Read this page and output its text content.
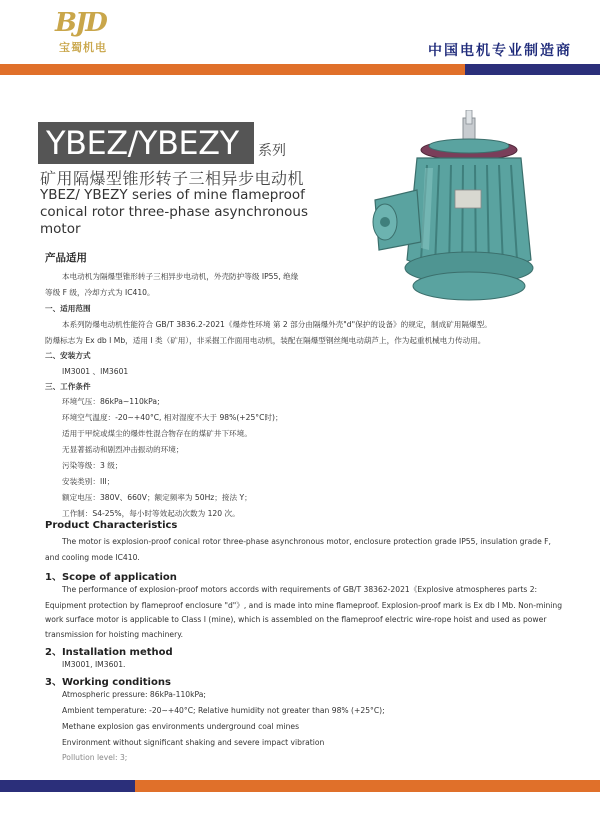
BJD
宝蜀机电	中国电机专业制造商
YBEZ/YBEZY 系列
矿用隔爆型锥形转子三相异步电动机
YBEZ/ YBEZY series of mine flameproof conical rotor three-phase asynchronous motor
产品适用
本电动机为隔爆型锥形转子三相异步电动机，外壳防护等级 IP55, 绝缘
等级 F 级，冷却方式为 IC410。
一、适用范围
本系列防爆电动机性能符合 GB/T 3836.2-2021《爆炸性环境 第 2 部分由隔爆外壳"d"保护的设备》的规定，制成矿用隔爆型。
防爆标志为 Ex db I Mb，适用 I 类（矿用），非采掘工作面用电动机，装配在隔爆型钢丝绳电动葫芦上，作为起重机械电力传动用。
二、安装方式
IM3001 、IM3601
三、工作条件
环境气压：86kPa~110kPa;
环境空气温度：-20~+40°C, 相对湿度不大于 98%(+25°C时)；
适用于甲烷或煤尘的爆炸性混合物存在的煤矿井下环境。
无显著摇动和剧烈冲击振动的环境；
污染等级：3 级；
安装类别：III；
额定电压：380V、660V；额定频率为 50Hz；接法 Y；
工作制：S4-25%，每小时等效起动次数为 120 次。
Product Characteristics
The motor is explosion-proof conical rotor three-phase asynchronous motor, enclosure protection grade IP55, insulation grade F,
and cooling mode IC410.
1、Scope of application
The performance of explosion-proof motors accords with requirements of GB/T 38362-2021《Explosive atmospheres parts 2:
Equipment protection by flameproof enclosure "d"》, and is made into mine flameproof. Explosion-proof mark is Ex db I Mb. Non-mining
work surface motor is applicable to Class I (mine), which is assembled on the flameproof electric wire-rope hoist and used as power
transmission for hoisting machinery.
2、Installation method
IM3001, IM3601.
3、Working conditions
Atmospheric pressure: 86kPa-110kPa;
Ambient temperature: -20~+40°C; Relative humidity not greater than 98% (+25°C);
Methane explosion gas environments underground coal mines
Environment without significant shaking and severe impact vibration
Pollution level: 3;
